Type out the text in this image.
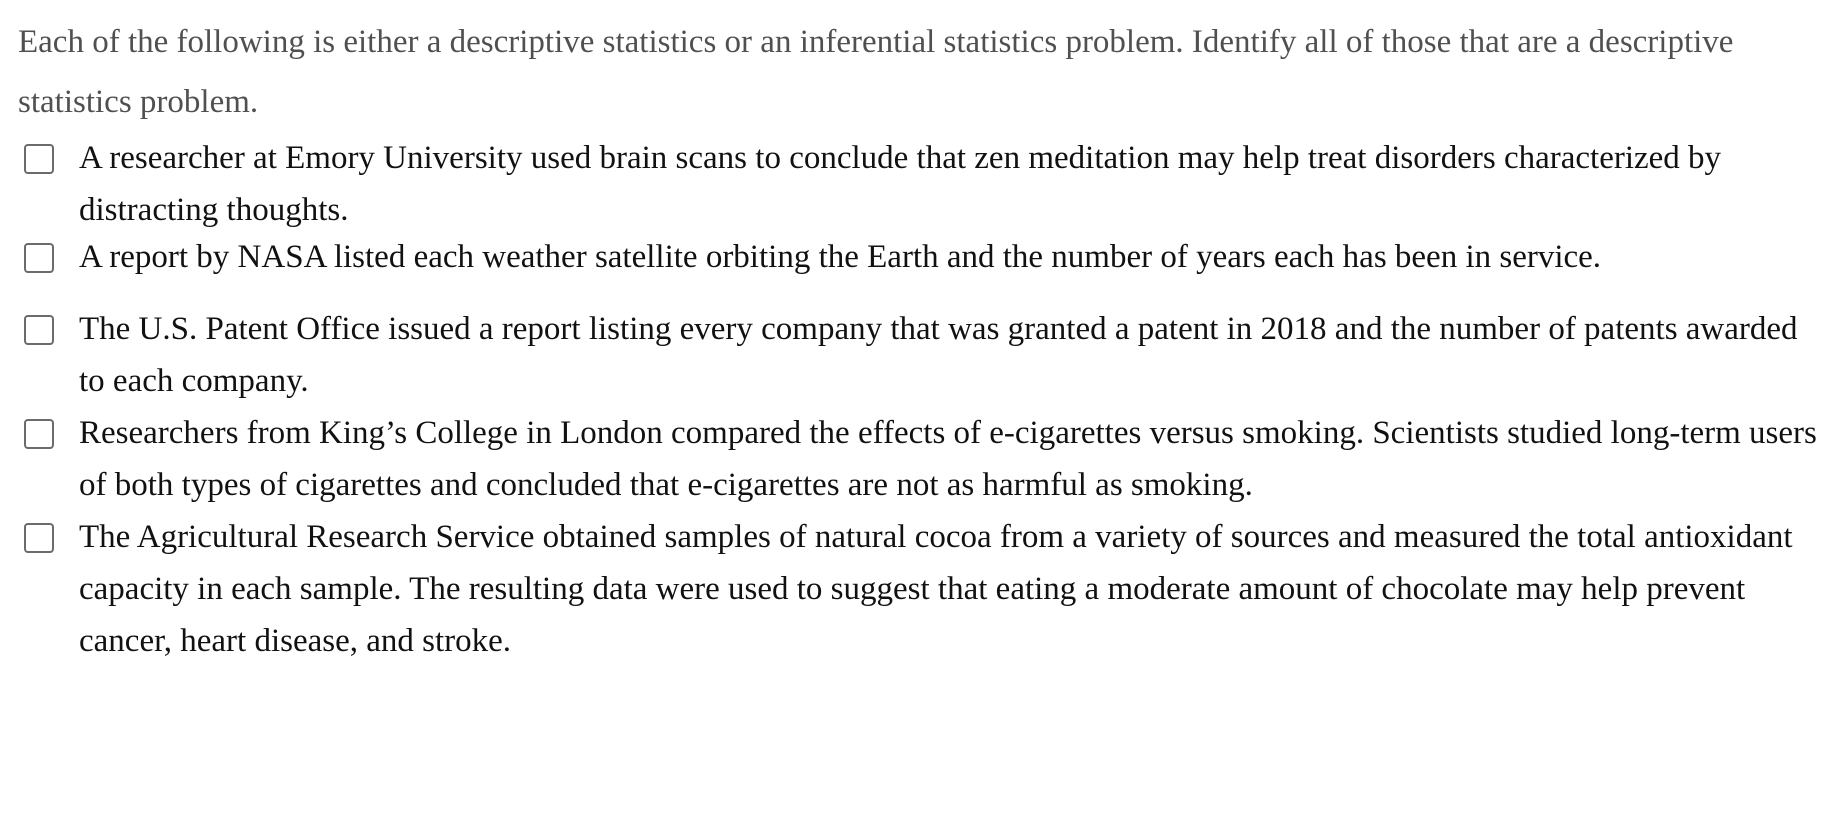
Each of the following is either a descriptive statistics or an inferential statistics problem. Identify all of those that are a descriptive statistics problem.

A researcher at Emory University used brain scans to conclude that zen meditation may help treat disorders characterized by distracting thoughts.
A report by NASA listed each weather satellite orbiting the Earth and the number of years each has been in service.
The U.S. Patent Office issued a report listing every company that was granted a patent in 2018 and the number of patents awarded to each company.
Researchers from King’s College in London compared the effects of e-cigarettes versus smoking. Scientists studied long-term users of both types of cigarettes and concluded that e-cigarettes are not as harmful as smoking.
The Agricultural Research Service obtained samples of natural cocoa from a variety of sources and measured the total antioxidant capacity in each sample. The resulting data were used to suggest that eating a moderate amount of chocolate may help prevent cancer, heart disease, and stroke.
